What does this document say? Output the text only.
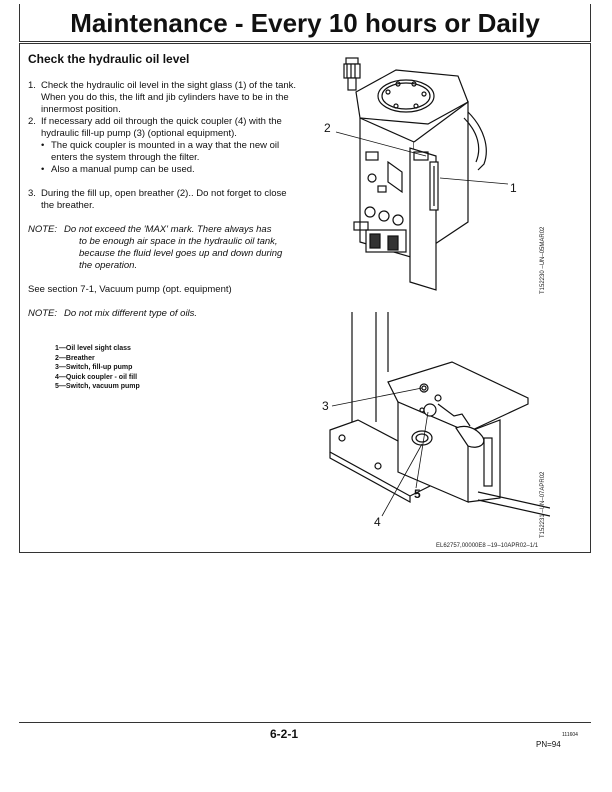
Maintenance - Every 10 hours or Daily
Check the hydraulic oil level
1. Check the hydraulic oil level in the sight glass (1) of the tank. When you do this, the lift and jib cylinders have to be in the innermost position.
2. If necessary add oil through the quick coupler (4) with the hydraulic fill-up pump (3) (optional equipment).
• The quick coupler is mounted in a way that the new oil enters the system through the filter.
• Also a manual pump can be used.
3. During the fill up, open breather (2).. Do not forget to close the breather.
NOTE: Do not exceed the 'MAX' mark. There always has
to be enough air space in the hydraulic oil tank, because the fluid level goes up and down during the operation.
See section 7-1, Vacuum pump (opt. equipment)
NOTE: Do not mix different type of oils.
1—Oil level sight class
2—Breather
3—Switch, fill-up pump
4—Quick coupler - oil fill
5—Switch, vacuum pump
2
1
T152230 –UN–05MAR02
3
5
4	T152231 –UN–07APR02
EL62757,00000E8 –19–10APR02–1/1
6-2-1	111604
PN=94
